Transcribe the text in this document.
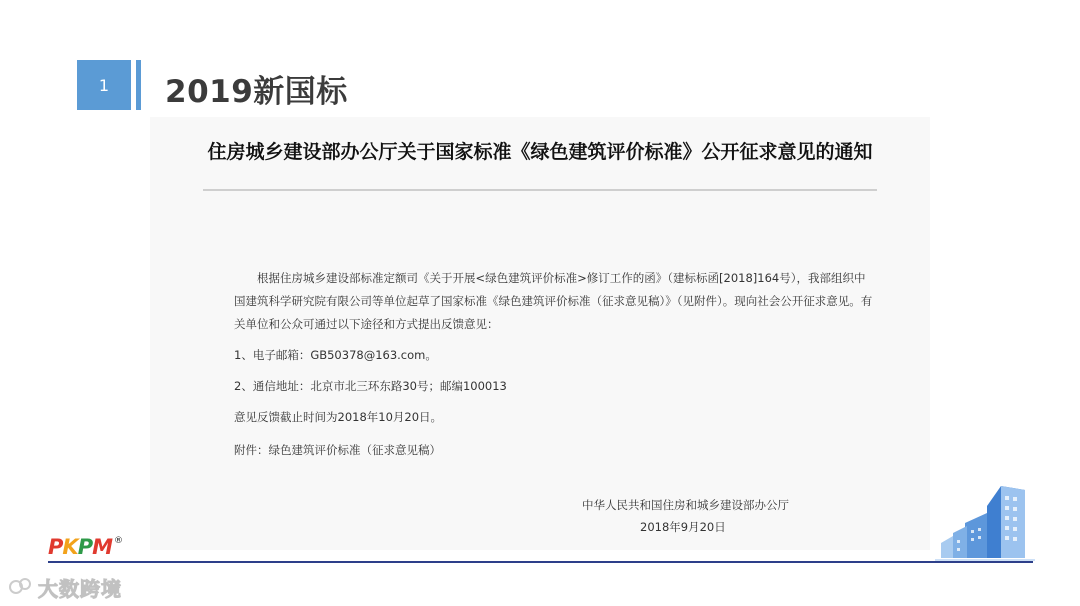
1 2019新国标
住房城乡建设部办公厅关于国家标准《绿色建筑评价标准》公开征求意见的通知

根据住房城乡建设部标准定额司《关于开展<绿色建筑评价标准>修订工作的函》（建标标函[2018]164号），我部组织中国建筑科学研究院有限公司等单位起草了国家标准《绿色建筑评价标准（征求意见稿）》（见附件）。现向社会公开征求意见。有关单位和公众可通过以下途径和方式提出反馈意见：

1、电子邮箱：GB50378@163.com。
2、通信地址：北京市北三环东路30号；邮编100013
意见反馈截止时间为2018年10月20日。
附件：绿色建筑评价标准（征求意见稿）
中华人民共和国住房和城乡建设部办公厅
2018年9月20日
P K P M ®
大数跨境
